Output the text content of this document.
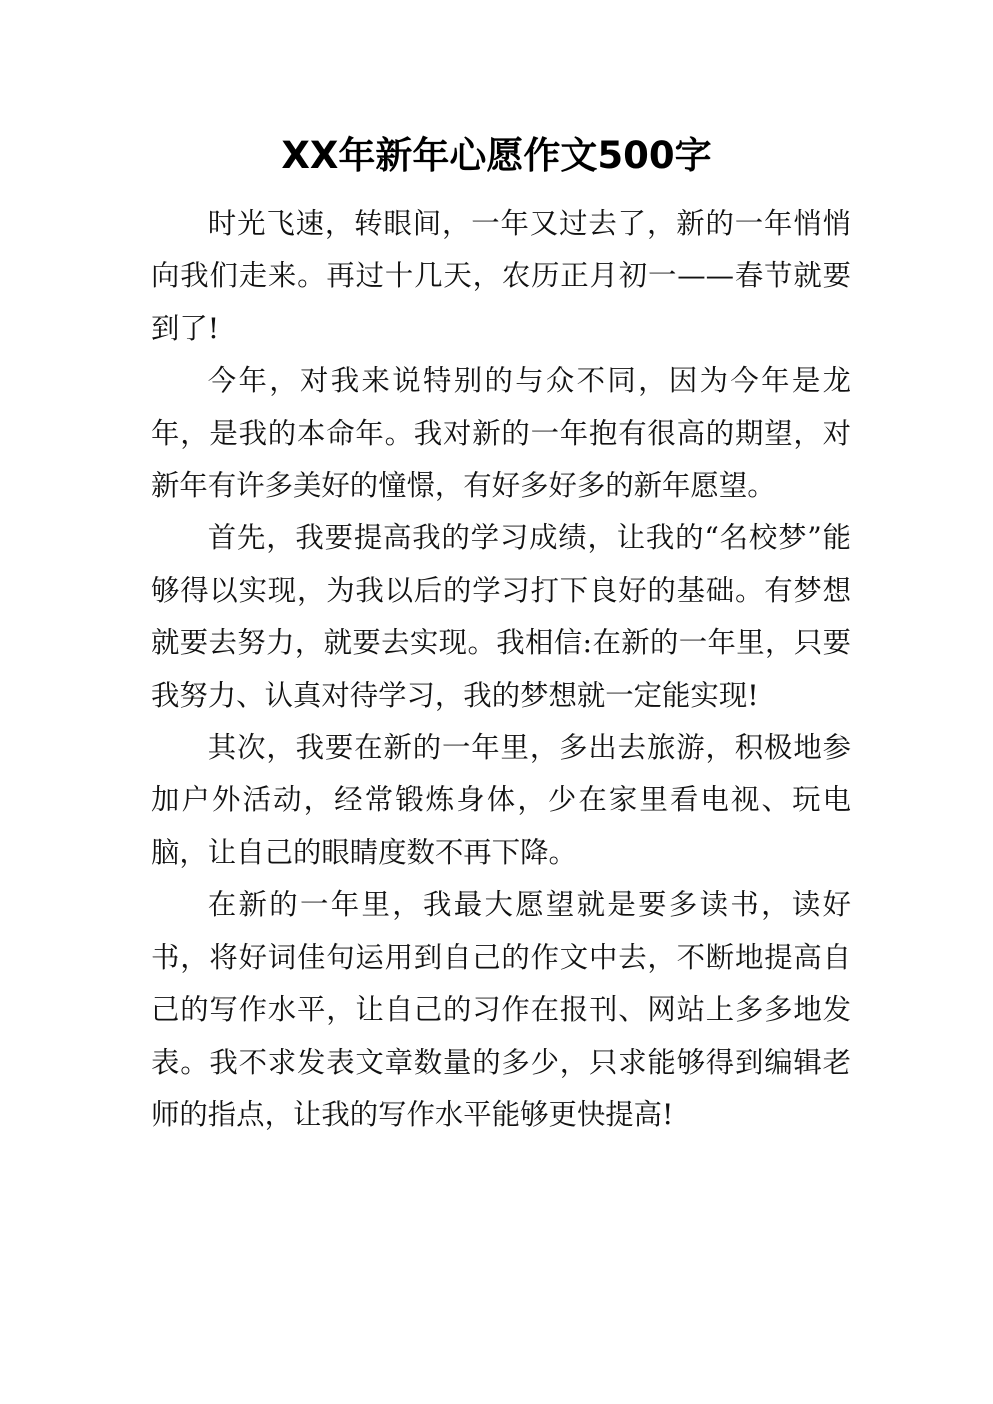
XX年新年心愿作文500字

时光飞速，转眼间，一年又过去了，新的一年悄悄向我们走来。再过十几天，农历正月初一——春节就要到了!

今年，对我来说特别的与众不同，因为今年是龙年，是我的本命年。我对新的一年抱有很高的期望，对新年有许多美好的憧憬，有好多好多的新年愿望。

首先，我要提高我的学习成绩，让我的“名校梦”能够得以实现，为我以后的学习打下良好的基础。有梦想就要去努力，就要去实现。我相信:在新的一年里，只要我努力、认真对待学习，我的梦想就一定能实现!

其次，我要在新的一年里，多出去旅游，积极地参加户外活动，经常锻炼身体，少在家里看电视、玩电脑，让自己的眼睛度数不再下降。

在新的一年里，我最大愿望就是要多读书，读好书，将好词佳句运用到自己的作文中去，不断地提高自己的写作水平，让自己的习作在报刊、网站上多多地发表。我不求发表文章数量的多少，只求能够得到编辑老师的指点，让我的写作水平能够更快提高!
